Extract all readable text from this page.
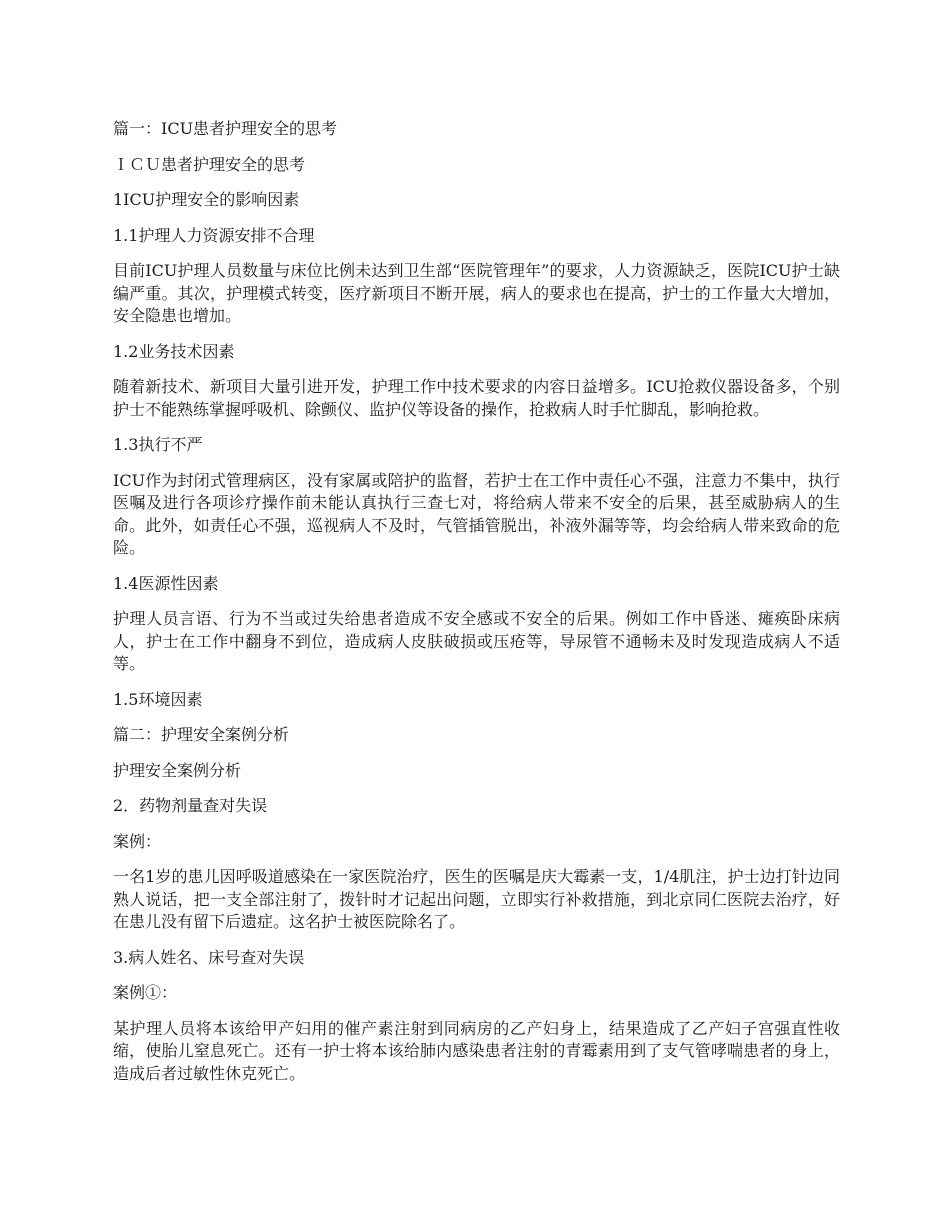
篇一：ICU患者护理安全的思考

ＩＣＵ患者护理安全的思考

1ICU护理安全的影响因素

1.1护理人力资源安排不合理

目前ICU护理人员数量与床位比例未达到卫生部“医院管理年”的要求，人力资源缺乏，医院ICU护士缺编严重。其次，护理模式转变，医疗新项目不断开展，病人的要求也在提高，护士的工作量大大增加，安全隐患也增加。

1.2业务技术因素

随着新技术、新项目大量引进开发，护理工作中技术要求的内容日益增多。ICU抢救仪器设备多，个别护士不能熟练掌握呼吸机、除颤仪、监护仪等设备的操作，抢救病人时手忙脚乱，影响抢救。

1.3执行不严

ICU作为封闭式管理病区，没有家属或陪护的监督，若护士在工作中责任心不强，注意力不集中，执行医嘱及进行各项诊疗操作前未能认真执行三查七对，将给病人带来不安全的后果，甚至威胁病人的生命。此外，如责任心不强，巡视病人不及时，气管插管脱出，补液外漏等等，均会给病人带来致命的危险。

1.4医源性因素

护理人员言语、行为不当或过失给患者造成不安全感或不安全的后果。例如工作中昏迷、瘫痪卧床病人，护士在工作中翻身不到位，造成病人皮肤破损或压疮等，导尿管不通畅未及时发现造成病人不适等。

1.5环境因素

篇二：护理安全案例分析

护理安全案例分析

2．药物剂量查对失误

案例：

一名1岁的患儿因呼吸道感染在一家医院治疗，医生的医嘱是庆大霉素一支，1/4肌注，护士边打针边同熟人说话，把一支全部注射了，拨针时才记起出问题，立即实行补救措施，到北京同仁医院去治疗，好在患儿没有留下后遗症。这名护士被医院除名了。

3.病人姓名、床号查对失误

案例①：

某护理人员将本该给甲产妇用的催产素注射到同病房的乙产妇身上，结果造成了乙产妇子宫强直性收缩，使胎儿窒息死亡。还有一护士将本该给肺内感染患者注射的青霉素用到了支气管哮喘患者的身上，造成后者过敏性休克死亡。
